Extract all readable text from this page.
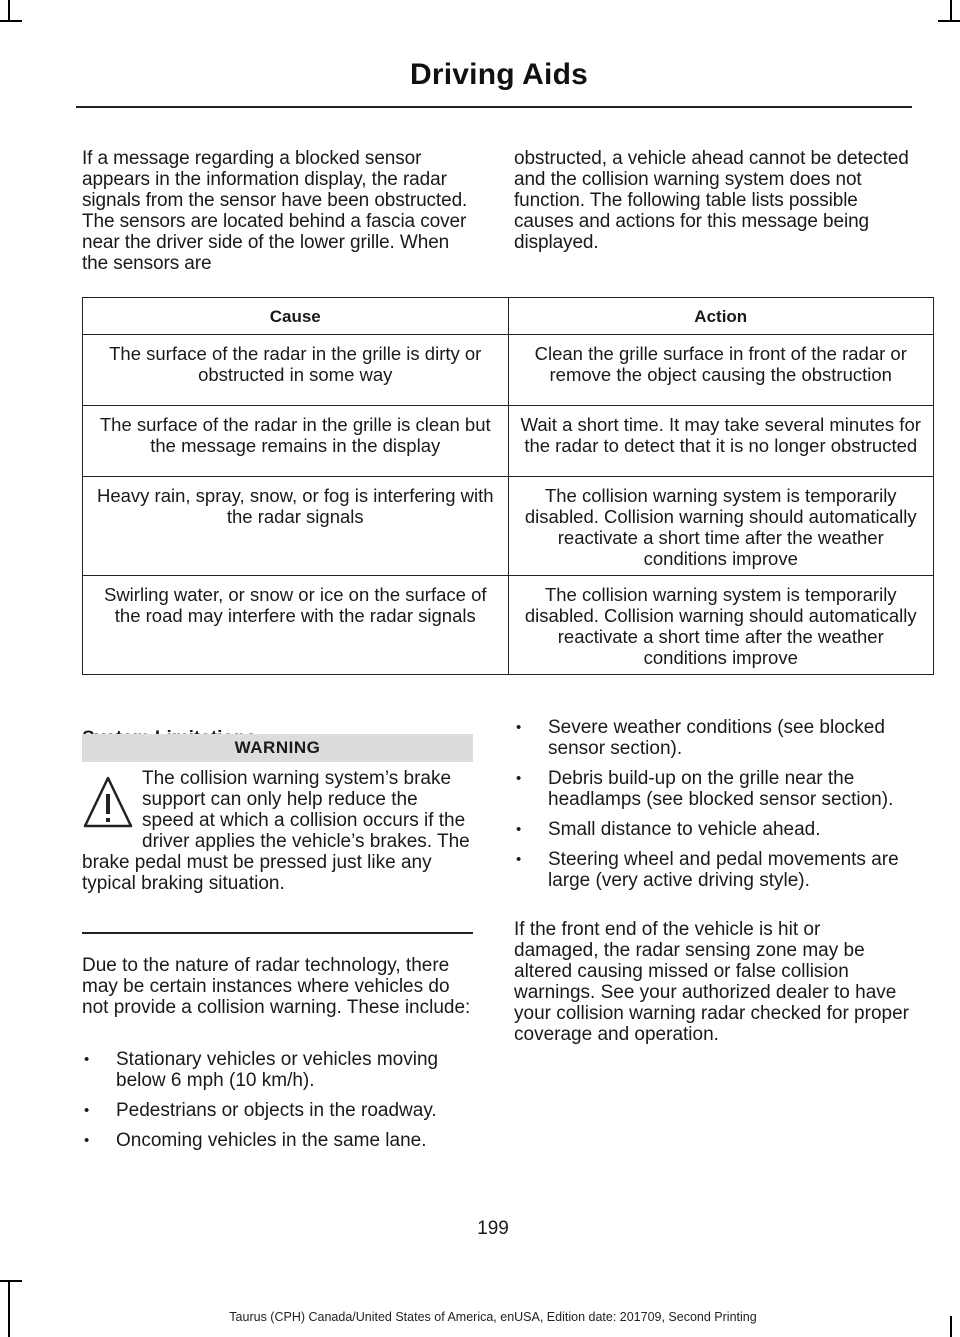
Driving Aids

If a message regarding a blocked sensor appears in the information display, the radar signals from the sensor have been obstructed. The sensors are located behind a fascia cover near the driver side of the lower grille. When the sensors are

obstructed, a vehicle ahead cannot be detected and the collision warning system does not function. The following table lists possible causes and actions for this message being displayed.

Cause	Action
The surface of the radar in the grille is dirty or obstructed in some way	Clean the grille surface in front of the radar or remove the object causing the obstruction
The surface of the radar in the grille is clean but the message remains in the display	Wait a short time. It may take several minutes for the radar to detect that it is no longer obstructed
Heavy rain, spray, snow, or fog is interfering with the radar signals	The collision warning system is temporarily disabled. Collision warning should automatically reactivate a short time after the weather conditions improve
Swirling water, or snow or ice on the surface of the road may interfere with the radar signals	The collision warning system is temporarily disabled. Collision warning should automatically reactivate a short time after the weather conditions improve
WARNING

The collision warning system’s brake support can only help reduce the speed at which a collision occurs if the driver applies the vehicle’s brakes. The brake pedal must be pressed just like any typical braking situation.

Due to the nature of radar technology, there may be certain instances where vehicles do not provide a collision warning. These include:

• Stationary vehicles or vehicles moving below 6 mph (10 km/h).
• Pedestrians or objects in the roadway.
• Oncoming vehicles in the same lane.
• Severe weather conditions (see blocked sensor section).
• Debris build-up on the grille near the headlamps (see blocked sensor section).
• Small distance to vehicle ahead.
• Steering wheel and pedal movements are large (very active driving style).

If the front end of the vehicle is hit or damaged, the radar sensing zone may be altered causing missed or false collision warnings. See your authorized dealer to have your collision warning radar checked for proper coverage and operation.

199
Taurus (CPH) Canada/United States of America, enUSA, Edition date: 201709, Second Printing
